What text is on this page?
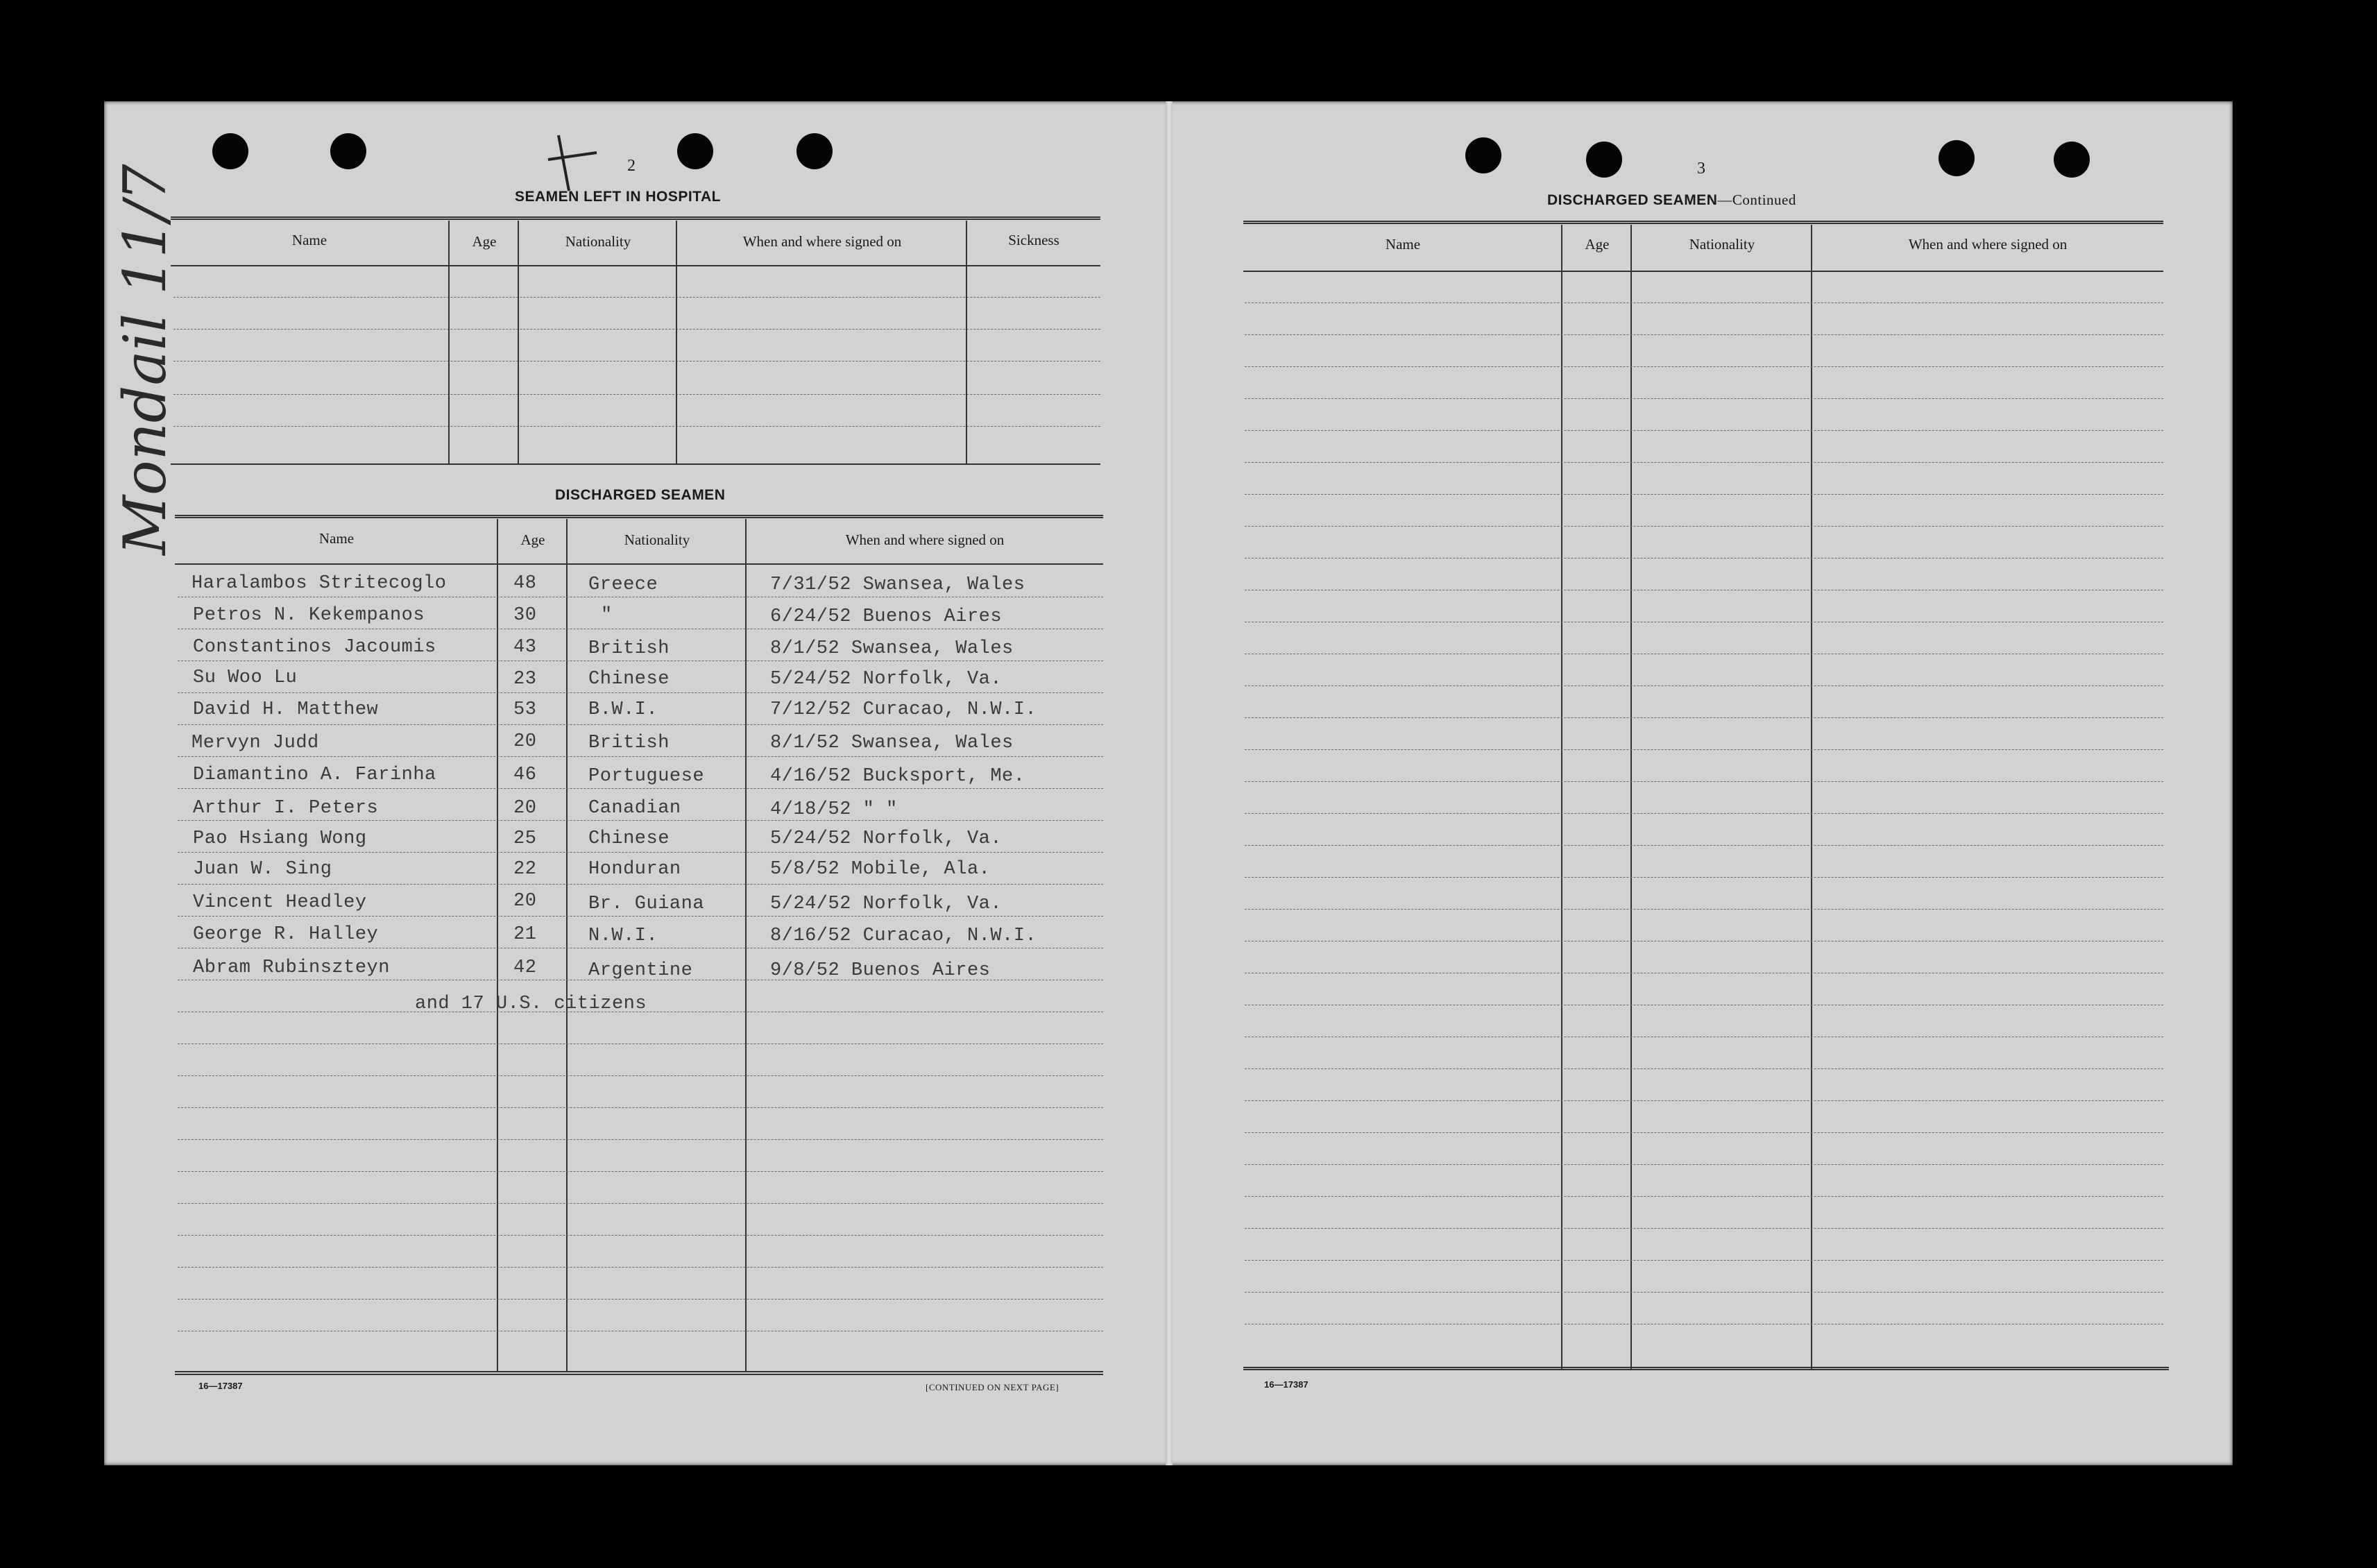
2
SEAMEN LEFT IN HOSPITAL
Name	Age	Nationality	When and where signed on	Sickness
DISCHARGED SEAMEN
Name	Age	Nationality	When and where signed on
Haralambos Stritecoglo	48	Greece	7/31/52 Swansea, Wales
Petros N. Kekempanos	30	"	6/24/52 Buenos Aires
Constantinos Jacoumis	43	British	8/1/52 Swansea, Wales
Su Woo Lu	23	Chinese	5/24/52 Norfolk, Va.
David H. Matthew	53	B.W.I.	7/12/52 Curacao, N.W.I.
Mervyn Judd	20	British	8/1/52 Swansea, Wales
Diamantino A. Farinha	46	Portuguese	4/16/52 Bucksport, Me.
Arthur I. Peters	20	Canadian	4/18/52 " "
Pao Hsiang Wong	25	Chinese	5/24/52 Norfolk, Va.
Juan W. Sing	22	Honduran	5/8/52 Mobile, Ala.
Vincent Headley	20	Br. Guiana	5/24/52 Norfolk, Va.
George R. Halley	21	N.W.I.	8/16/52 Curacao, N.W.I.
Abram Rubinszteyn	42	Argentine	9/8/52 Buenos Aires
and 17 U.S. citizens
16—17387	[CONTINUED ON NEXT PAGE]
Mondail 11/7	3
DISCHARGED SEAMEN—Continued
Name	Age	Nationality	When and where signed on
16—17387
